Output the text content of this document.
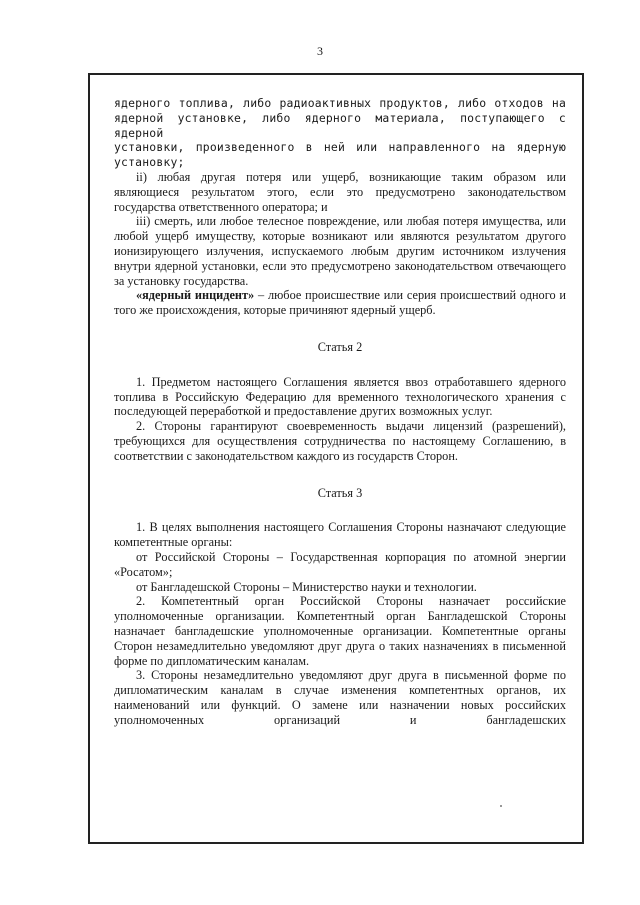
3

ядерного топлива, либо радиоактивных продуктов, либо отходов на
ядерной установке, либо ядерного материала, поступающего с ядерной
установки, произведенного в ней или направленного на ядерную установку;

ii) любая другая потеря или ущерб, возникающие таким образом или являющиеся результатом этого, если это предусмотрено законодательством государства ответственного оператора; и

iii) смерть, или любое телесное повреждение, или любая потеря имущества, или любой ущерб имуществу, которые возникают или являются результатом другого ионизирующего излучения, испускаемого любым другим источником излучения внутри ядерной установки, если это предусмотрено законодательством отвечающего за установку государства.

«ядерный инцидент» – любое происшествие или серия происшествий одного и того же происхождения, которые причиняют ядерный ущерб.

Статья 2

1. Предметом настоящего Соглашения является ввоз отработавшего ядерного топлива в Российскую Федерацию для временного технологического хранения с последующей переработкой и предоставление других возможных услуг.

2. Стороны гарантируют своевременность выдачи лицензий (разрешений), требующихся для осуществления сотрудничества по настоящему Соглашению, в соответствии с законодательством каждого из государств Сторон.

Статья 3

1. В целях выполнения настоящего Соглашения Стороны назначают следующие компетентные органы:

от Российской Стороны – Государственная корпорация по атомной энергии «Росатом»;

от Бангладешской Стороны – Министерство науки и технологии.

2. Компетентный орган Российской Стороны назначает российские уполномоченные организации. Компетентный орган Бангладешской Стороны назначает бангладешские уполномоченные организации. Компетентные органы Сторон незамедлительно уведомляют друг друга о таких назначениях в письменной форме по дипломатическим каналам.

3. Стороны незамедлительно уведомляют друг друга в письменной форме по дипломатическим каналам в случае изменения компетентных органов, их наименований или функций. О замене или назначении новых российских уполномоченных организаций и бангладешских
